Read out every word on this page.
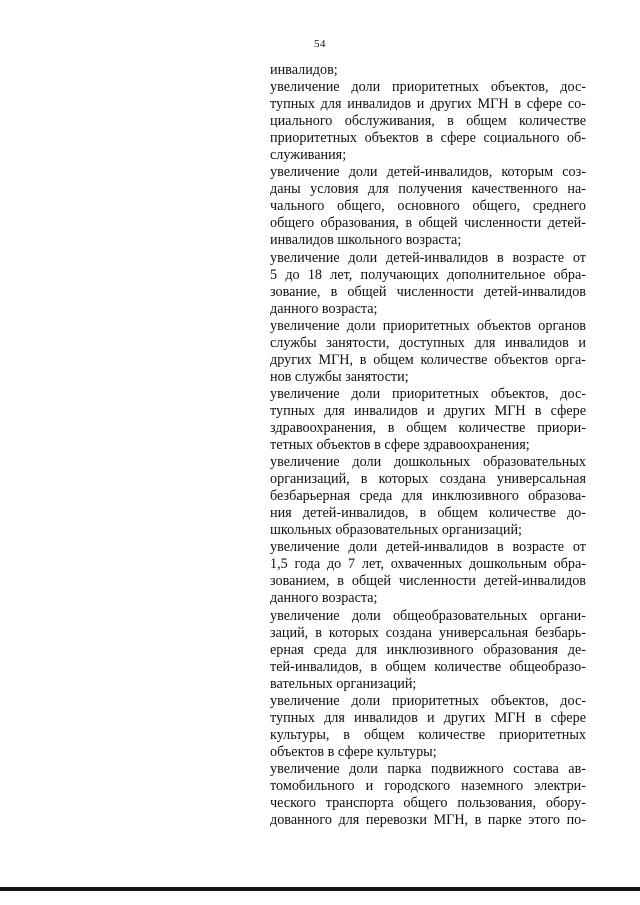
54
инвалидов;
увеличение доли приоритетных объектов, дос-
тупных для инвалидов и других МГН в сфере со-
циального обслуживания, в общем количестве
приоритетных объектов в сфере социального об-
служивания;
увеличение доли детей-инвалидов, которым соз-
даны условия для получения качественного на-
чального общего, основного общего, среднего
общего образования, в общей численности детей-
инвалидов школьного возраста;
увеличение доли детей-инвалидов в возрасте от
5 до 18 лет, получающих дополнительное обра-
зование, в общей численности детей-инвалидов
данного возраста;
увеличение доли приоритетных объектов органов
службы занятости, доступных для инвалидов и
других МГН, в общем количестве объектов орга-
нов службы занятости;
увеличение доли приоритетных объектов, дос-
тупных для инвалидов и других МГН в сфере
здравоохранения, в общем количестве приори-
тетных объектов в сфере здравоохранения;
увеличение доли дошкольных образовательных
организаций, в которых создана универсальная
безбарьерная среда для инклюзивного образова-
ния детей-инвалидов, в общем количестве до-
школьных образовательных организаций;
увеличение доли детей-инвалидов в возрасте от
1,5 года до 7 лет, охваченных дошкольным обра-
зованием, в общей численности детей-инвалидов
данного возраста;
увеличение доли общеобразовательных органи-
заций, в которых создана универсальная безбарь-
ерная среда для инклюзивного образования де-
тей-инвалидов, в общем количестве общеобразо-
вательных организаций;
увеличение доли приоритетных объектов, дос-
тупных для инвалидов и других МГН в сфере
культуры, в общем количестве приоритетных
объектов в сфере культуры;
увеличение доли парка подвижного состава ав-
томобильного и городского наземного электри-
ческого транспорта общего пользования, обору-
дованного для перевозки МГН, в парке этого по-
